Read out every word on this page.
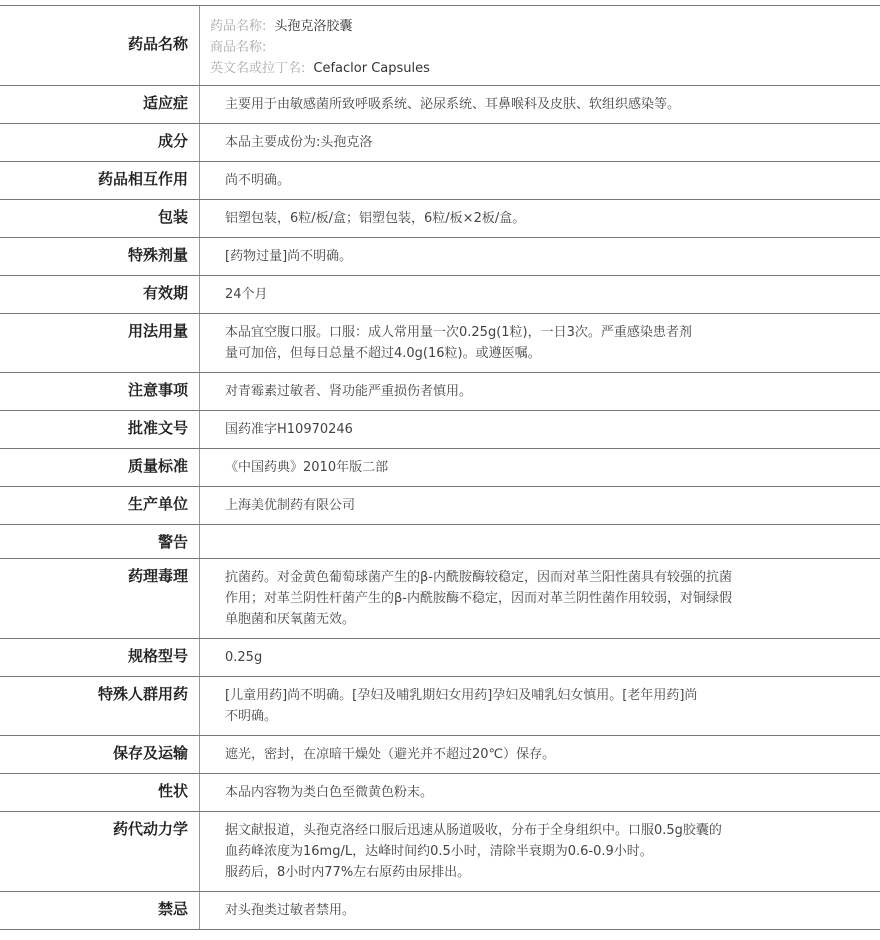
药品名称
药品名称: 头孢克洛胶囊
商品名称:
英文名或拉丁名: Cefaclor Capsules
适应症	主要用于由敏感菌所致呼吸系统、泌尿系统、耳鼻喉科及皮肤、软组织感染等。
成分	本品主要成份为:头孢克洛
药品相互作用	尚不明确。
包装	铝塑包装，6粒/板/盒；铝塑包装，6粒/板×2板/盒。
特殊剂量	[药物过量]尚不明确。
有效期	24个月
用法用量	本品宜空腹口服。口服：成人常用量一次0.25g(1粒)，一日3次。严重感染患者剂
量可加倍，但每日总量不超过4.0g(16粒)。或遵医嘱。
注意事项	对青霉素过敏者、肾功能严重损伤者慎用。
批准文号	国药准字H10970246
质量标准	《中国药典》2010年版二部
生产单位	上海美优制药有限公司
警告
药理毒理	抗菌药。对金黄色葡萄球菌产生的β-内酰胺酶较稳定，因而对革兰阳性菌具有较强的抗菌
作用；对革兰阴性杆菌产生的β-内酰胺酶不稳定，因而对革兰阴性菌作用较弱，对铜绿假
单胞菌和厌氧菌无效。
规格型号	0.25g
特殊人群用药	[儿童用药]尚不明确。[孕妇及哺乳期妇女用药]孕妇及哺乳妇女慎用。[老年用药]尚
不明确。
保存及运输	遮光，密封，在凉暗干燥处（避光并不超过20℃）保存。
性状	本品内容物为类白色至微黄色粉末。
药代动力学	据文献报道，头孢克洛经口服后迅速从肠道吸收，分布于全身组织中。口服0.5g胶囊的
血药峰浓度为16mg/L，达峰时间约0.5小时，清除半衰期为0.6-0.9小时。
服药后，8小时内77%左右原药由尿排出。
禁忌	对头孢类过敏者禁用。
